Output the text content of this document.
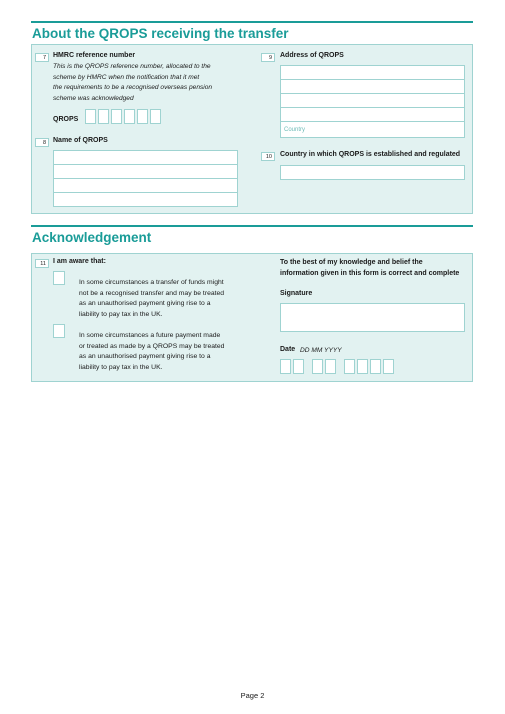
About the QROPS receiving the transfer
7	HMRC reference number
This is the QROPS reference number, allocated to the
scheme by HMRC when the notification that it met
the requirements to be a recognised overseas pension
scheme was acknowledged
QROPS
8	Name of QROPS
9	Address of QROPS
Country
10	Country in which QROPS is established and regulated
Acknowledgement
11	I am aware that:
In some circumstances a transfer of funds might
not be a recognised transfer and may be treated
as an unauthorised payment giving rise to a
liability to pay tax in the UK.
In some circumstances a future payment made
or treated as made by a QROPS may be treated
as an unauthorised payment giving rise to a
liability to pay tax in the UK.
To the best of my knowledge and belief the
information given in this form is correct and complete
Signature
Date DD MM YYYY
Page 2
